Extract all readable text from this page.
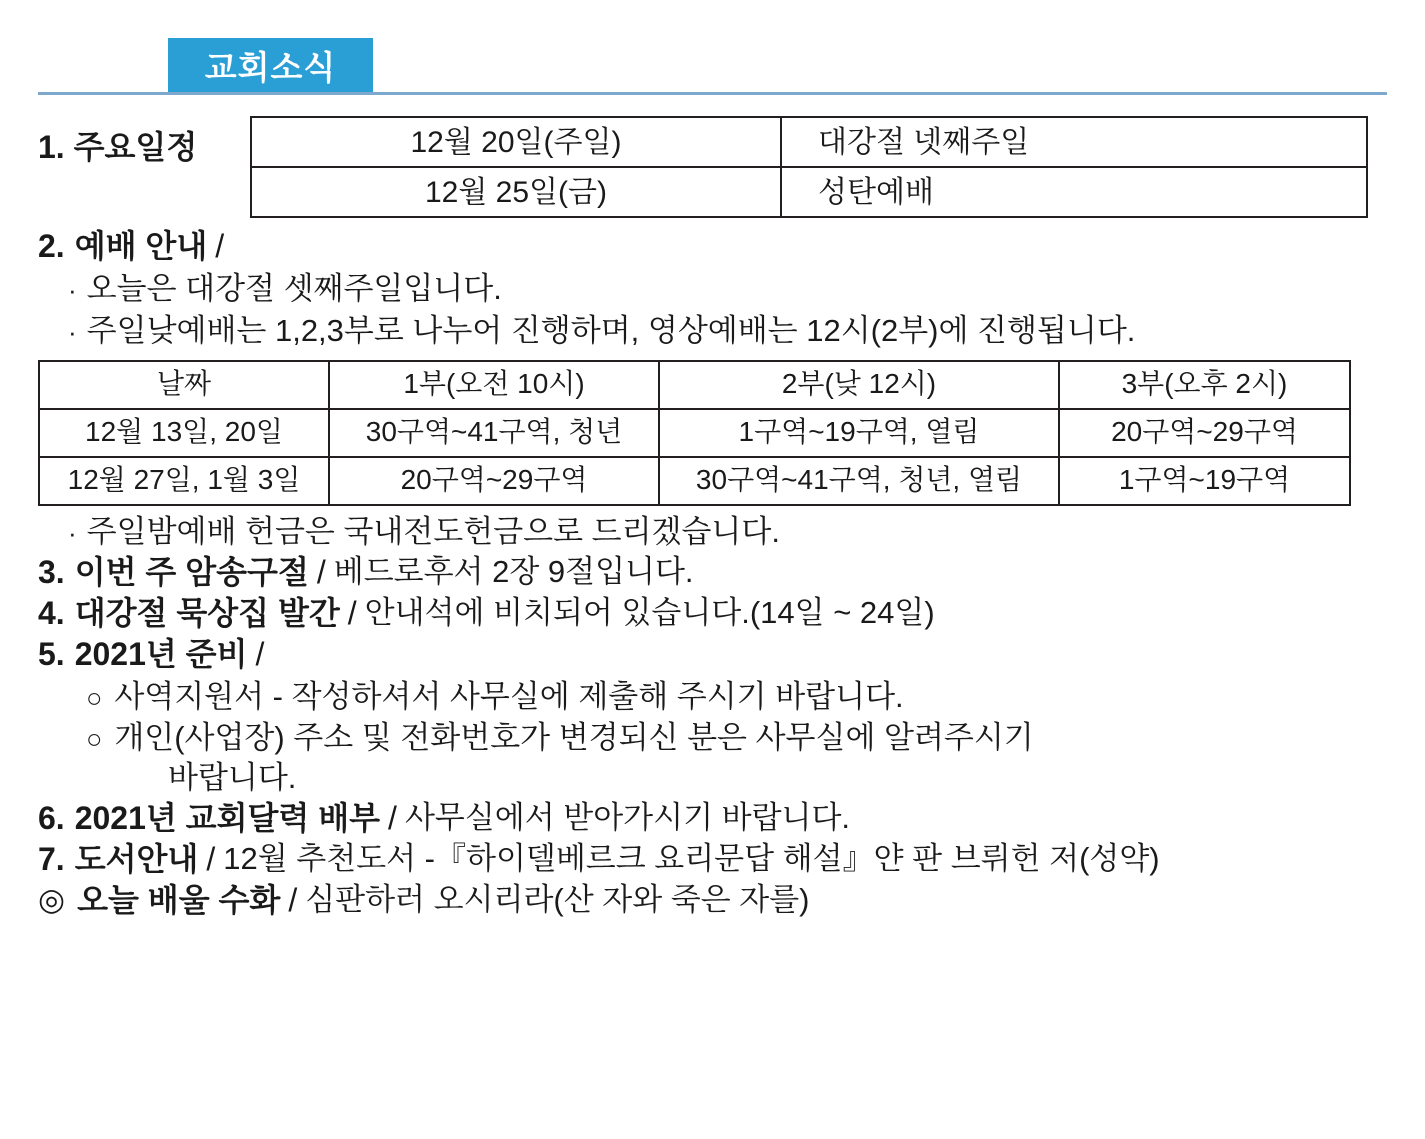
교회소식
1. 주요일정	12월 20일(주일)	대강절 넷째주일
12월 25일(금)	성탄예배
2. 예배 안내 /
· 오늘은 대강절 셋째주일입니다.
· 주일낮예배는 1,2,3부로 나누어 진행하며, 영상예배는 12시(2부)에 진행됩니다.
날짜	1부(오전 10시)	2부(낮 12시)	3부(오후 2시)
12월 13일, 20일	30구역~41구역, 청년	1구역~19구역, 열림	20구역~29구역
12월 27일, 1월 3일	20구역~29구역	30구역~41구역, 청년, 열림	1구역~19구역
· 주일밤예배 헌금은 국내전도헌금으로 드리겠습니다.
3. 이번 주 암송구절 / 베드로후서 2장 9절입니다.
4. 대강절 묵상집 발간 / 안내석에 비치되어 있습니다.(14일 ~ 24일)
5. 2021년 준비 /
○ 사역지원서 - 작성하셔서 사무실에 제출해 주시기 바랍니다.
○ 개인(사업장) 주소 및 전화번호가 변경되신 분은 사무실에 알려주시기
바랍니다.
6. 2021년 교회달력 배부 / 사무실에서 받아가시기 바랍니다.
7. 도서안내 / 12월 추천도서 -『하이델베르크 요리문답 해설』얀 판 브뤼헌 저(성약)
◎ 오늘 배울 수화 / 심판하러 오시리라(산 자와 죽은 자를)
